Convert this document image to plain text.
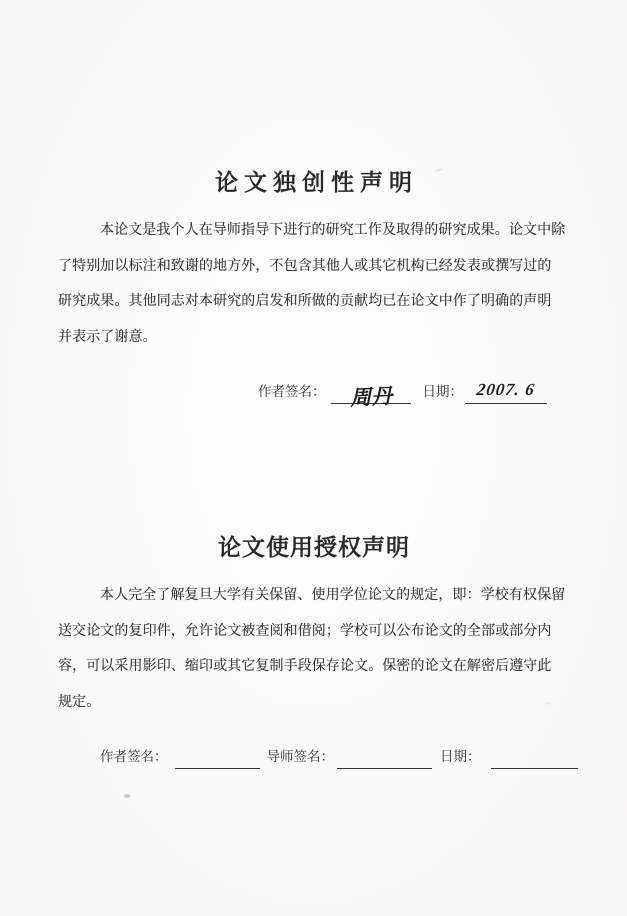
论文独创性声明
本论文是我个人在导师指导下进行的研究工作及取得的研究成果。论文中除
了特别加以标注和致谢的地方外，不包含其他人或其它机构已经发表或撰写过的
研究成果。其他同志对本研究的启发和所做的贡献均已在论文中作了明确的声明
并表示了谢意。
作者签名：	周丹	日期： 2007. 6
论文使用授权声明
本人完全了解复旦大学有关保留、使用学位论文的规定，即：学校有权保留
送交论文的复印件，允许论文被查阅和借阅；学校可以公布论文的全部或部分内
容，可以采用影印、缩印或其它复制手段保存论文。保密的论文在解密后遵守此
规定。
作者签名：	导师签名：	日期：
